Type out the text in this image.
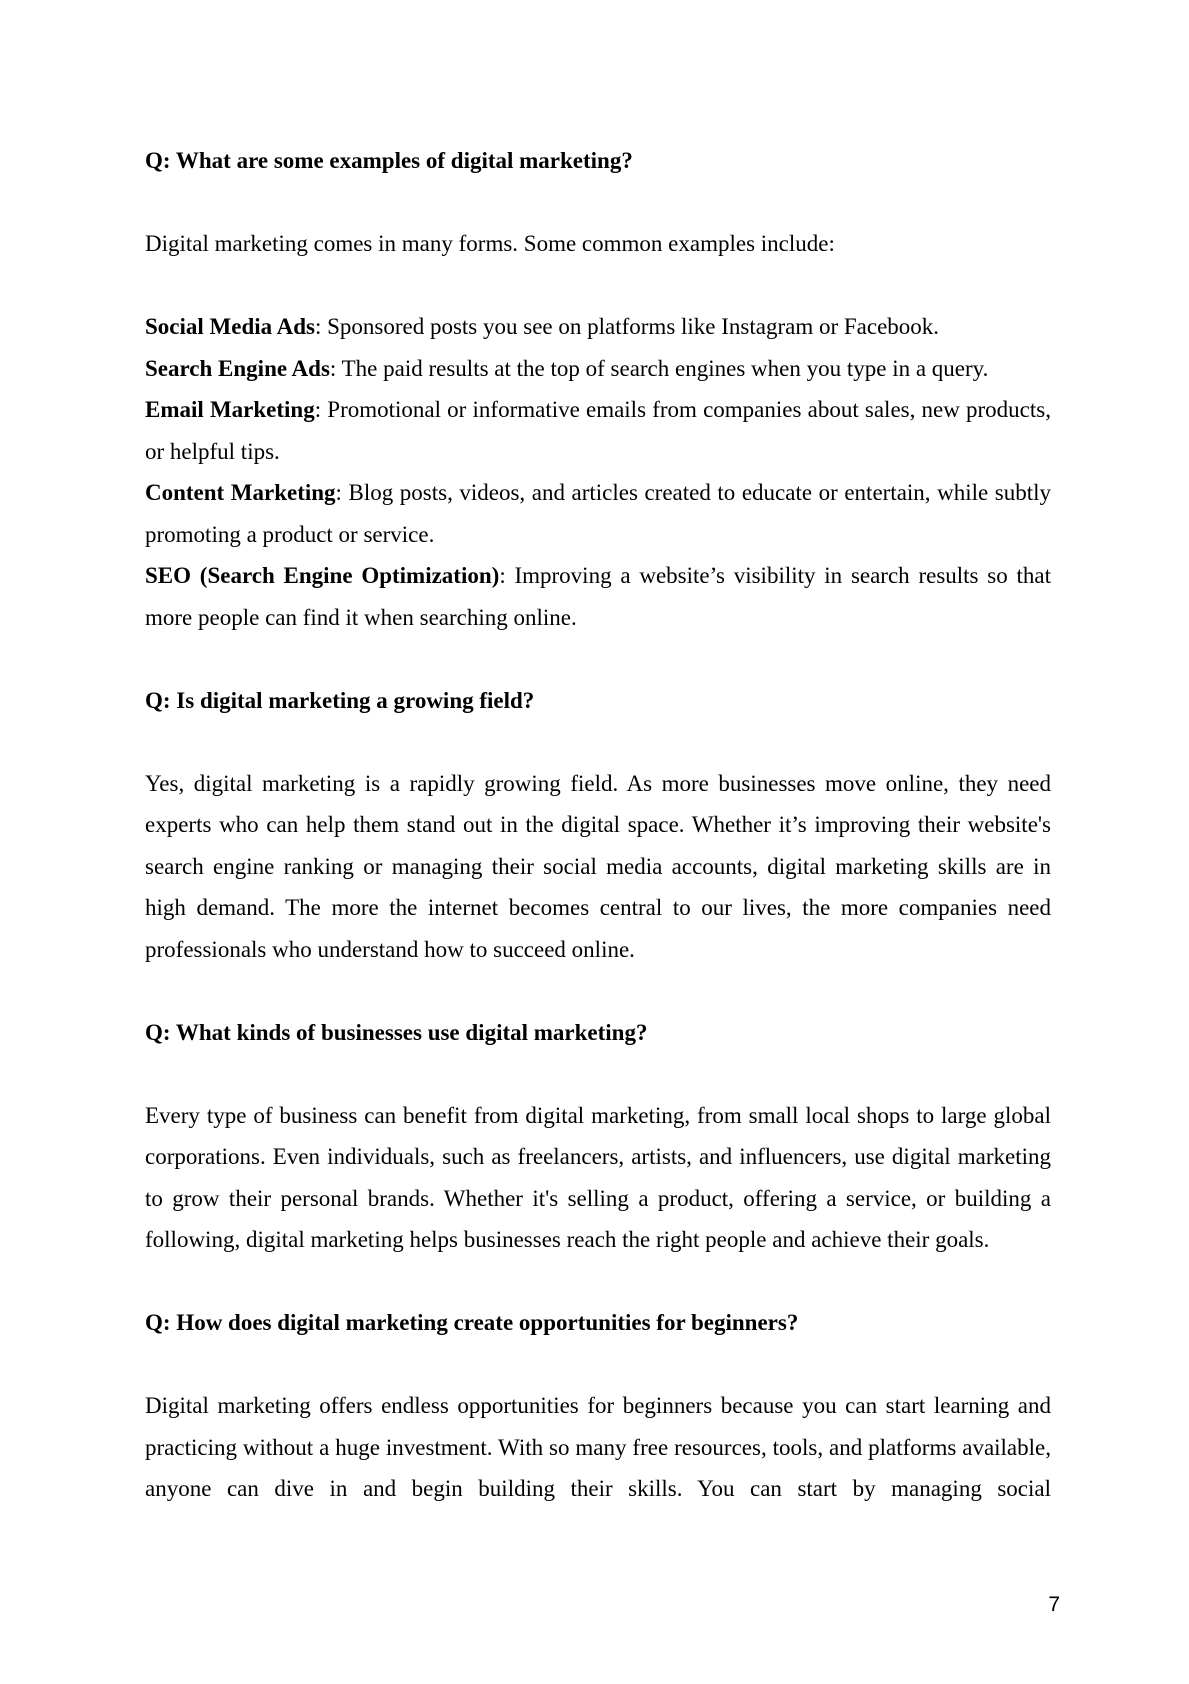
Q: What are some examples of digital marketing?

Digital marketing comes in many forms. Some common examples include:

Social Media Ads: Sponsored posts you see on platforms like Instagram or Facebook.

Search Engine Ads: The paid results at the top of search engines when you type in a query.

Email Marketing: Promotional or informative emails from companies about sales, new products, or helpful tips.

Content Marketing: Blog posts, videos, and articles created to educate or entertain, while subtly promoting a product or service.

SEO (Search Engine Optimization): Improving a website’s visibility in search results so that more people can find it when searching online.

Q: Is digital marketing a growing field?

Yes, digital marketing is a rapidly growing field. As more businesses move online, they need experts who can help them stand out in the digital space. Whether it’s improving their website's search engine ranking or managing their social media accounts, digital marketing skills are in high demand. The more the internet becomes central to our lives, the more companies need professionals who understand how to succeed online.

Q: What kinds of businesses use digital marketing?

Every type of business can benefit from digital marketing, from small local shops to large global corporations. Even individuals, such as freelancers, artists, and influencers, use digital marketing to grow their personal brands. Whether it's selling a product, offering a service, or building a following, digital marketing helps businesses reach the right people and achieve their goals.

Q: How does digital marketing create opportunities for beginners?

Digital marketing offers endless opportunities for beginners because you can start learning and practicing without a huge investment. With so many free resources, tools, and platforms available, anyone can dive in and begin building their skills. You can start by managing social

7
